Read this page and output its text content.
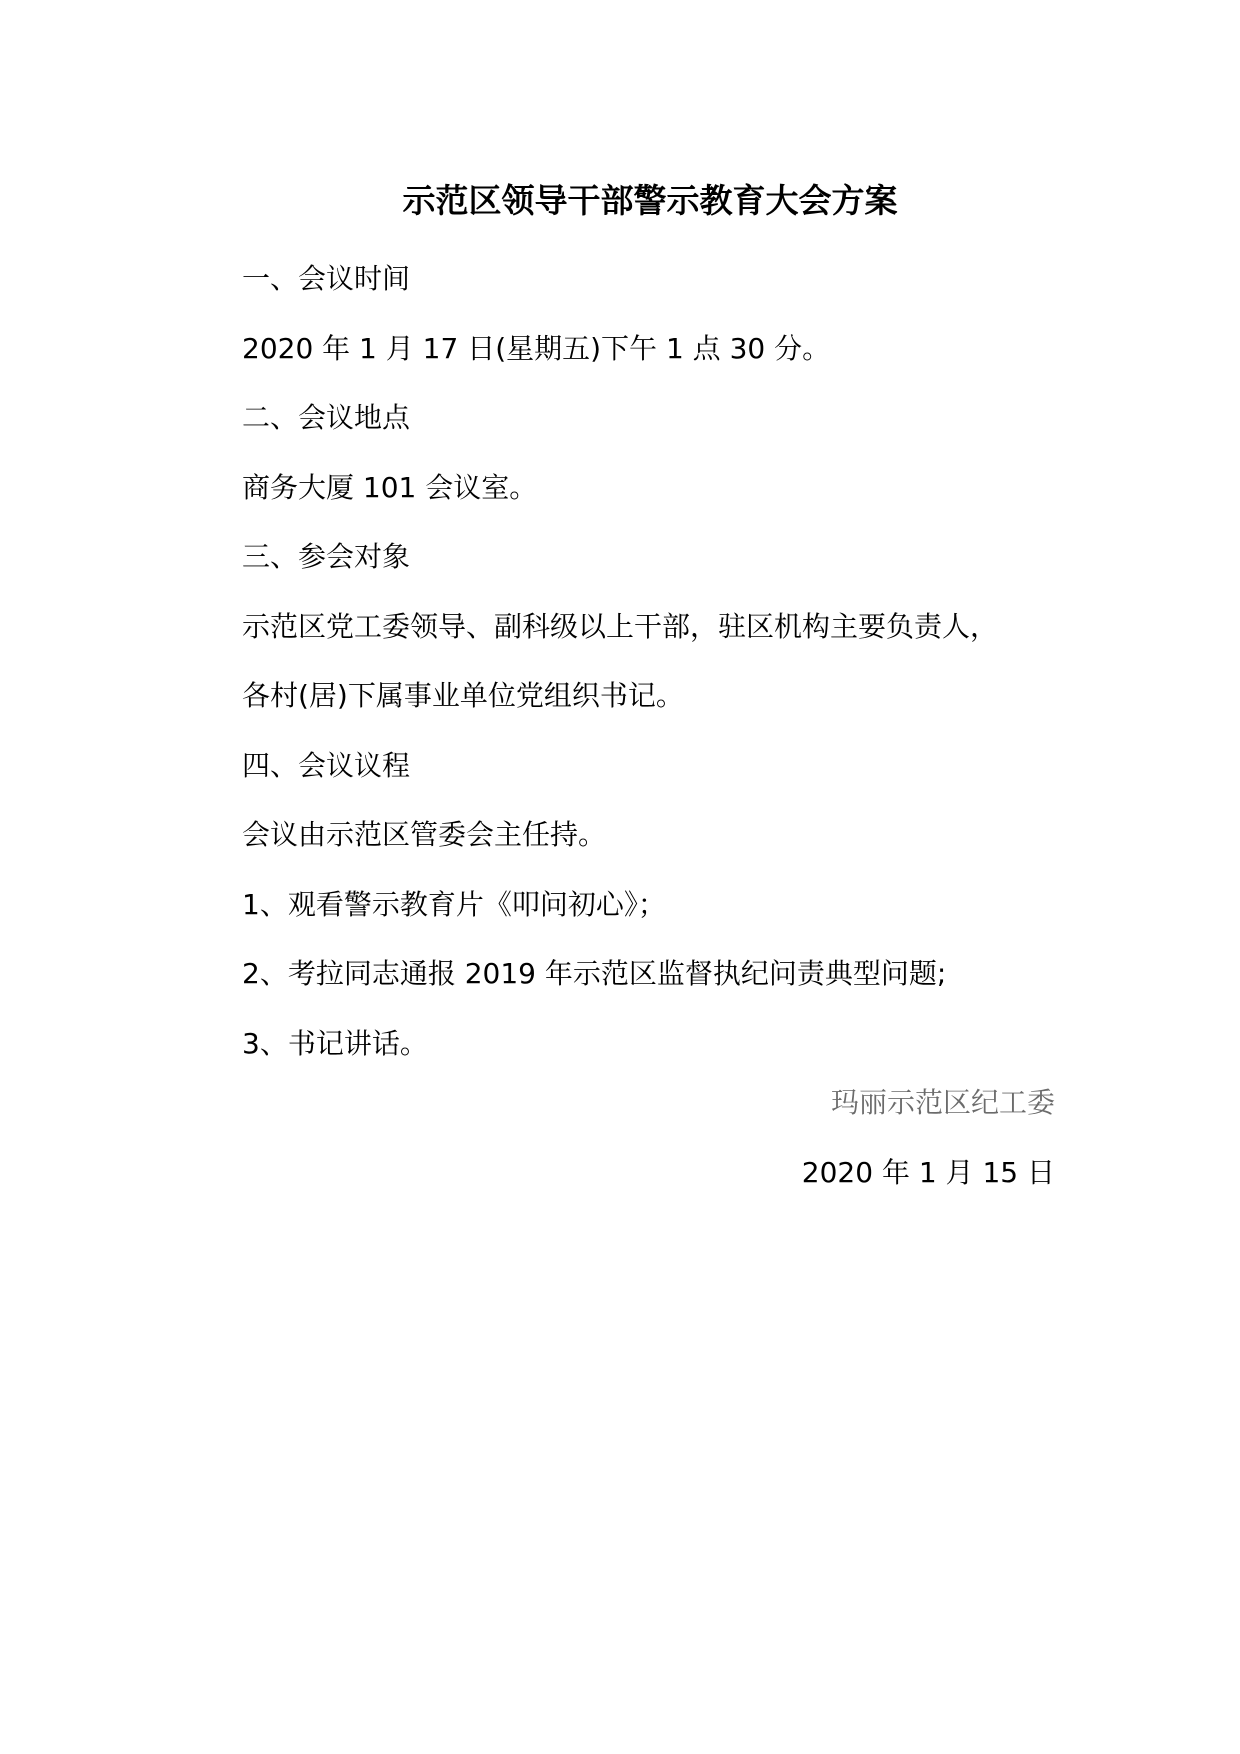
示范区领导干部警示教育大会方案
一、会议时间
2020 年 1 月 17 日(星期五)下午 1 点 30 分。
二、会议地点
商务大厦 101 会议室。
三、参会对象
示范区党工委领导、副科级以上干部，驻区机构主要负责人，
各村(居)下属事业单位党组织书记。
四、会议议程
会议由示范区管委会主任持。
1、观看警示教育片《叩问初心》；
2、考拉同志通报 2019 年示范区监督执纪问责典型问题;
3、书记讲话。
玛丽示范区纪工委
2020 年 1 月 15 日
